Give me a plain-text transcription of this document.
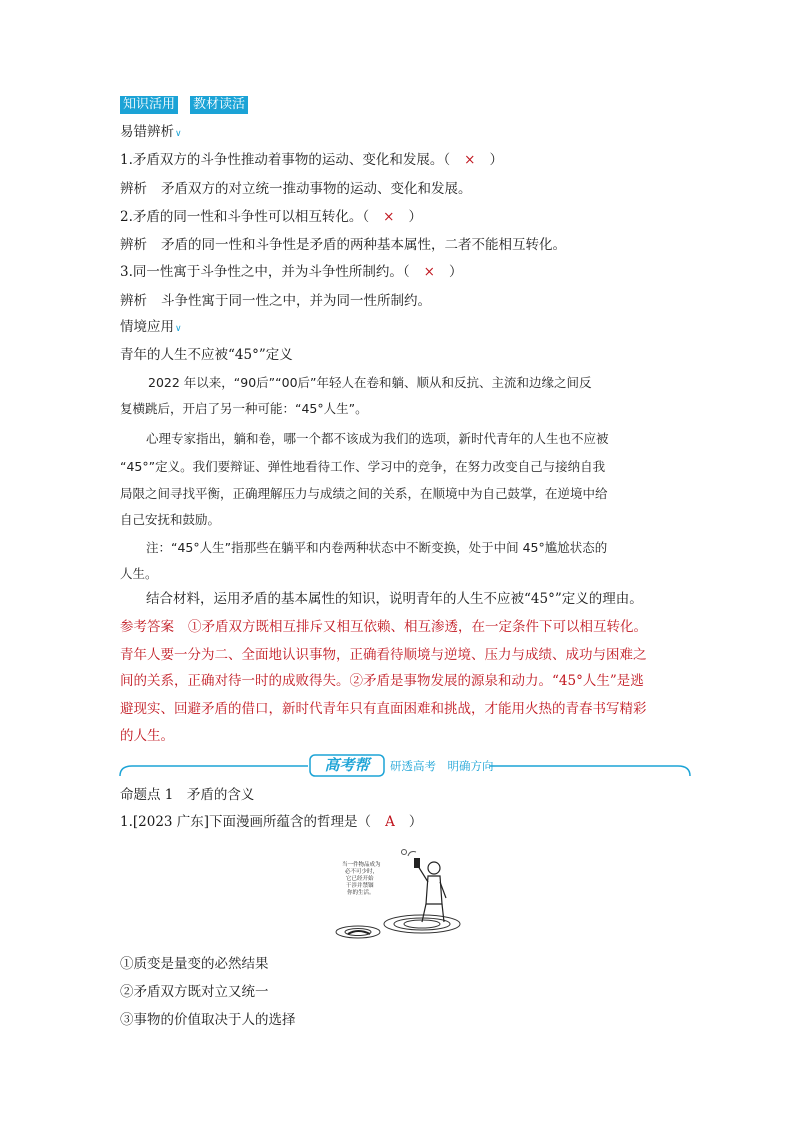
知识活用 教材读活
易错辨析∨
1.矛盾双方的斗争性推动着事物的运动、变化和发展。（ × ）
辨析 矛盾双方的对立统一推动事物的运动、变化和发展。
2.矛盾的同一性和斗争性可以相互转化。（ × ）
辨析 矛盾的同一性和斗争性是矛盾的两种基本属性，二者不能相互转化。
3.同一性寓于斗争性之中，并为斗争性所制约。（ × ）
辨析 斗争性寓于同一性之中，并为同一性所制约。
情境应用∨
青年的人生不应被“45°”定义
2022 年以来，“90后”“00后”年轻人在卷和躺、顺从和反抗、主流和边缘之间反
复横跳后，开启了另一种可能：“45°人生”。
心理专家指出，躺和卷，哪一个都不该成为我们的选项，新时代青年的人生也不应被
“45°”定义。我们要辩证、弹性地看待工作、学习中的竞争，在努力改变自己与接纳自我
局限之间寻找平衡，正确理解压力与成绩之间的关系，在顺境中为自己鼓掌，在逆境中给
自己安抚和鼓励。
注：“45°人生”指那些在躺平和内卷两种状态中不断变换，处于中间 45°尴尬状态的
人生。
结合材料，运用矛盾的基本属性的知识，说明青年的人生不应被“45°”定义的理由。
参考答案 ①矛盾双方既相互排斥又相互依赖、相互渗透，在一定条件下可以相互转化。
青年人要一分为二、全面地认识事物，正确看待顺境与逆境、压力与成绩、成功与困难之
间的关系，正确对待一时的成败得失。②矛盾是事物发展的源泉和动力。“45°人生”是逃
避现实、回避矛盾的借口，新时代青年只有直面困难和挑战，才能用火热的青春书写精彩
的人生。
高考帮	研透高考　明确方向
命题点 1　矛盾的含义
1.[2023 广东]下面漫画所蕴含的哲理是（ A ）
当一件物品成为
必不可少时，
它已经开始
干涉并禁锢
你的生活。
①质变是量变的必然结果
②矛盾双方既对立又统一
③事物的价值取决于人的选择
